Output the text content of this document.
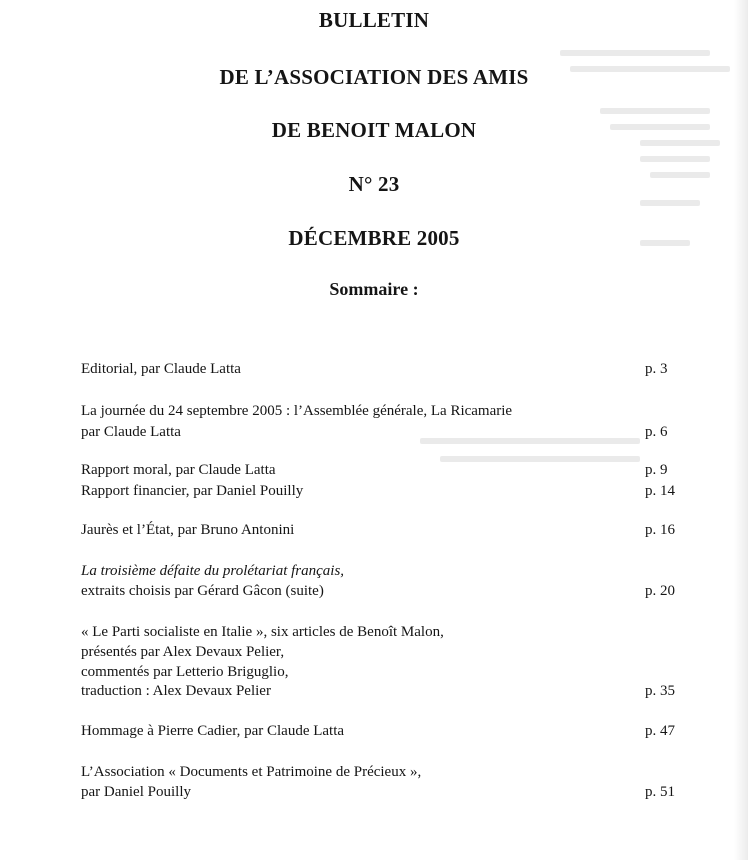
BULLETIN
DE L’ASSOCIATION DES AMIS
DE BENOIT MALON
N° 23
DÉCEMBRE 2005
Sommaire :
Editorial, par Claude Latta	p. 3
La journée du 24 septembre 2005 : l’Assemblée générale, La Ricamarie
par Claude Latta	p. 6
Rapport moral, par Claude Latta	p. 9
Rapport financier, par Daniel Pouilly	p. 14
Jaurès et l’État, par Bruno Antonini	p. 16
La troisième défaite du prolétariat français,
extraits choisis par Gérard Gâcon (suite)	p. 20
« Le Parti socialiste en Italie », six articles de Benoît Malon,
présentés par Alex Devaux Pelier,
commentés par Letterio Briguglio,
traduction : Alex Devaux Pelier	p. 35
Hommage à Pierre Cadier, par Claude Latta	p. 47
L’Association « Documents et Patrimoine de Précieux »,
par Daniel Pouilly	p. 51
